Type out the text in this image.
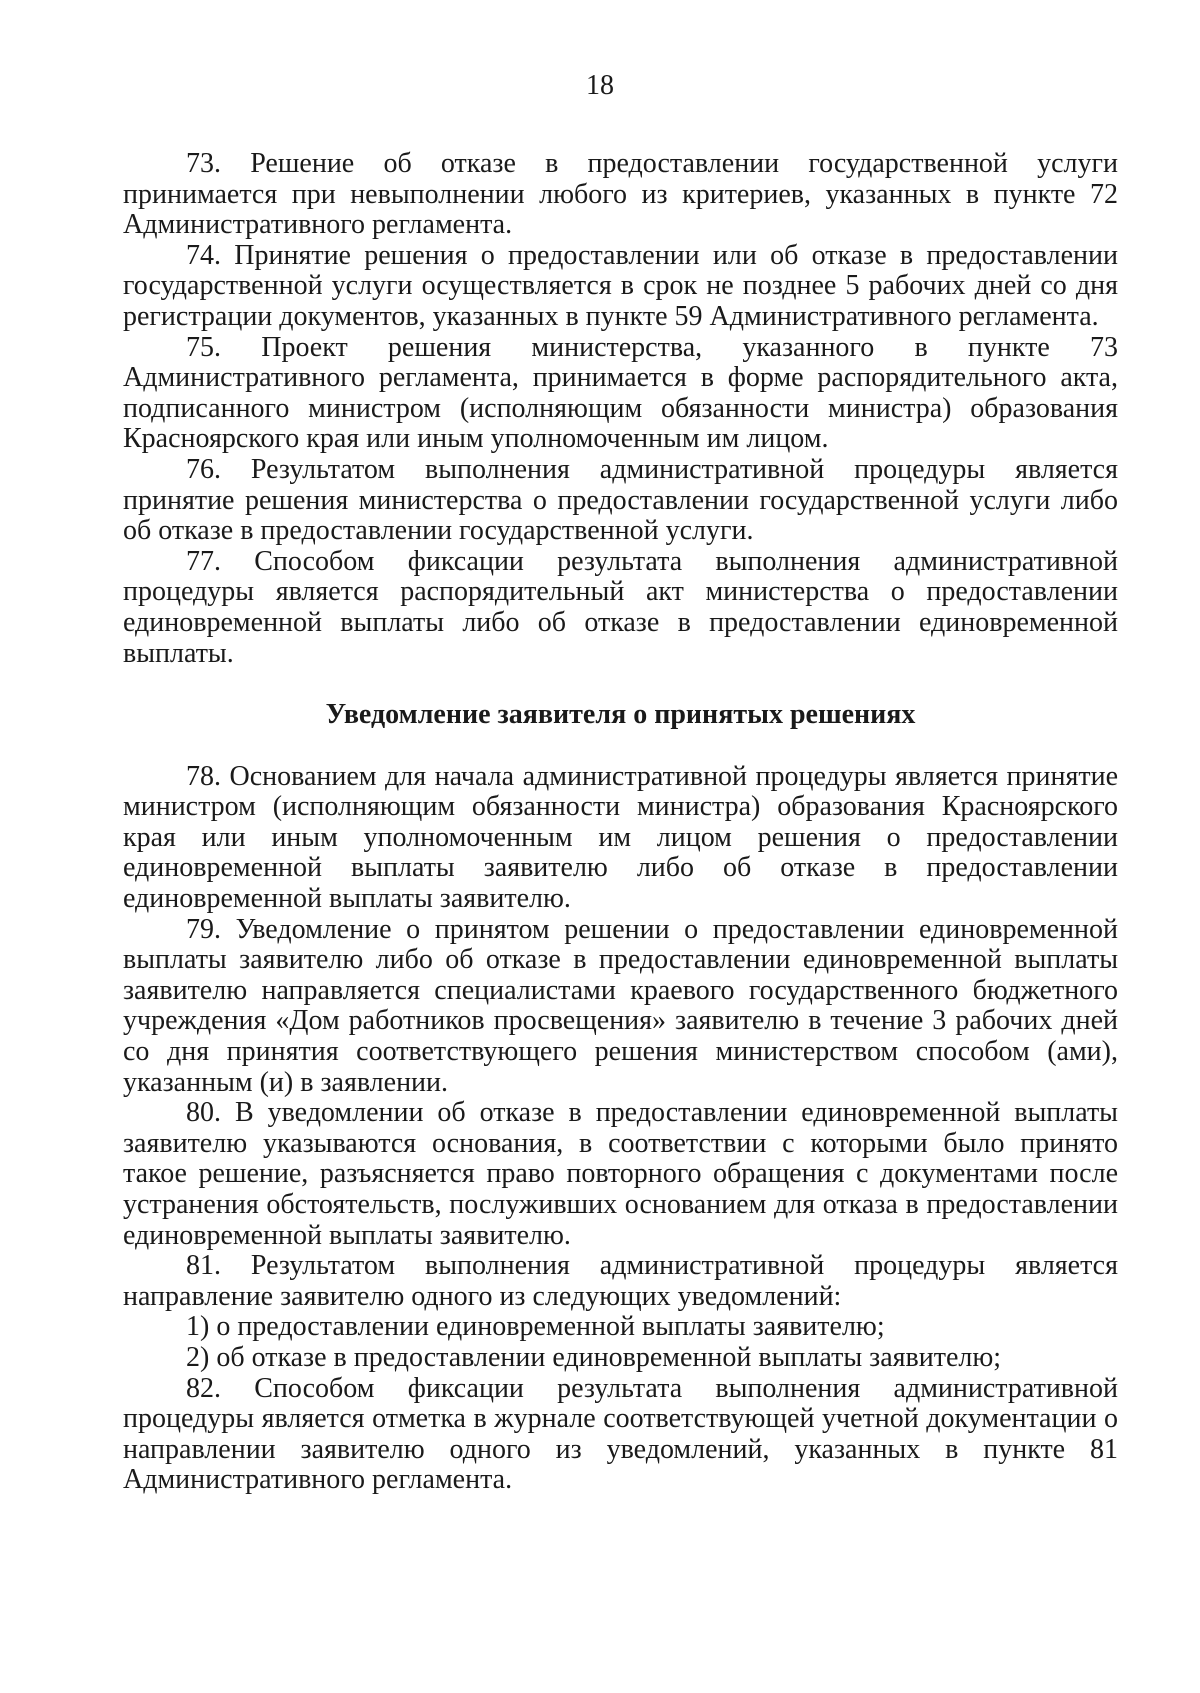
18

73. Решение об отказе в предоставлении государственной услуги принимается при невыполнении любого из критериев, указанных в пункте 72 Административного регламента.

74. Принятие решения о предоставлении или об отказе в предоставлении государственной услуги осуществляется в срок не позднее 5 рабочих дней со дня регистрации документов, указанных в пункте 59 Административного регламента.

75. Проект решения министерства, указанного в пункте 73 Административного регламента, принимается в форме распорядительного акта, подписанного министром (исполняющим обязанности министра) образования Красноярского края или иным уполномоченным им лицом.

76. Результатом выполнения административной процедуры является принятие решения министерства о предоставлении государственной услуги либо об отказе в предоставлении государственной услуги.

77. Способом фиксации результата выполнения административной процедуры является распорядительный акт министерства о предоставлении единовременной выплаты либо об отказе в предоставлении единовременной выплаты.

Уведомление заявителя о принятых решениях

78. Основанием для начала административной процедуры является принятие министром (исполняющим обязанности министра) образования Красноярского края или иным уполномоченным им лицом решения о предоставлении единовременной выплаты заявителю либо об отказе в предоставлении единовременной выплаты заявителю.

79. Уведомление о принятом решении о предоставлении единовременной выплаты заявителю либо об отказе в предоставлении единовременной выплаты заявителю направляется специалистами краевого государственного бюджетного учреждения «Дом работников просвещения» заявителю в течение 3 рабочих дней со дня принятия соответствующего решения министерством способом (ами), указанным (и) в заявлении.

80. В уведомлении об отказе в предоставлении единовременной выплаты заявителю указываются основания, в соответствии с которыми было принято такое решение, разъясняется право повторного обращения с документами после устранения обстоятельств, послуживших основанием для отказа в предоставлении единовременной выплаты заявителю.

81. Результатом выполнения административной процедуры является направление заявителю одного из следующих уведомлений:

1) о предоставлении единовременной выплаты заявителю;

2) об отказе в предоставлении единовременной выплаты заявителю;

82. Способом фиксации результата выполнения административной процедуры является отметка в журнале соответствующей учетной документации о направлении заявителю одного из уведомлений, указанных в пункте 81 Административного регламента.
